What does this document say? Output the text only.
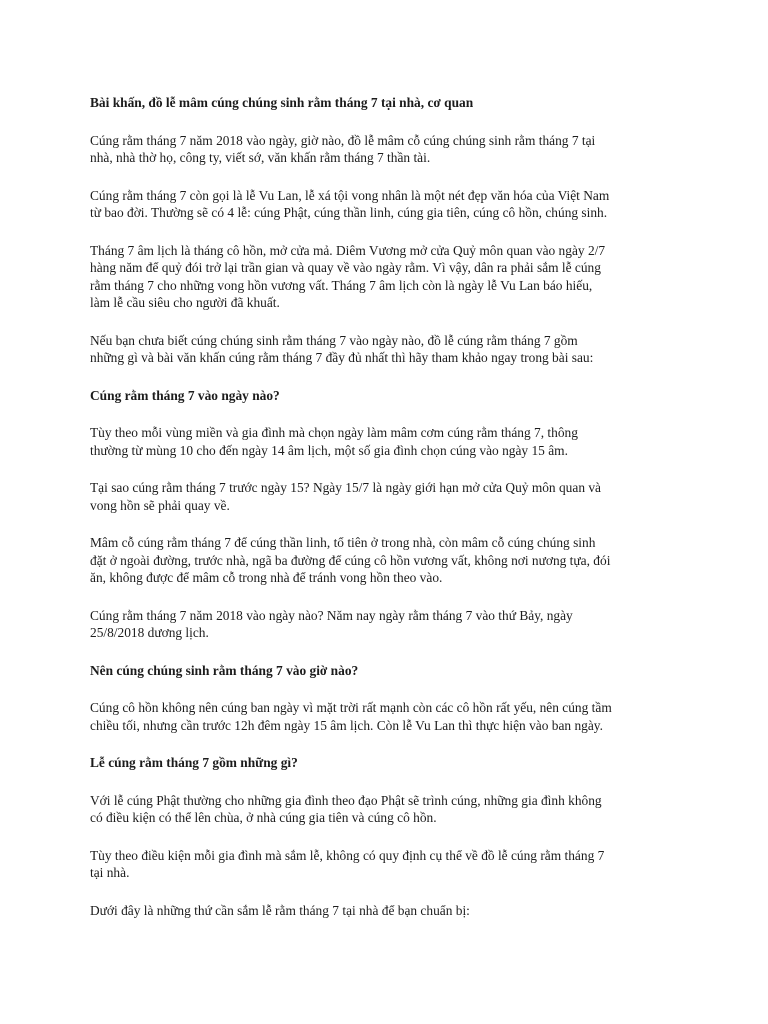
Bài khấn, đồ lễ mâm cúng chúng sinh rằm tháng 7 tại nhà, cơ quan
Cúng rằm tháng 7 năm 2018 vào ngày, giờ nào, đồ lễ mâm cỗ cúng chúng sinh rằm tháng 7 tại
nhà, nhà thờ họ, công ty, viết sớ, văn khấn rằm tháng 7 thần tài.
Cúng rằm tháng 7 còn gọi là lễ Vu Lan, lễ xá tội vong nhân là một nét đẹp văn hóa của Việt Nam
từ bao đời. Thường sẽ có 4 lễ: cúng Phật, cúng thần linh, cúng gia tiên, cúng cô hồn, chúng sinh.
Tháng 7 âm lịch là tháng cô hồn, mở cửa mả. Diêm Vương mở cửa Quỷ môn quan vào ngày 2/7
hàng năm để quỷ đói trở lại trần gian và quay về vào ngày rằm. Vì vậy, dân ra phải sắm lễ cúng
rằm tháng 7 cho những vong hồn vương vất. Tháng 7 âm lịch còn là ngày lễ Vu Lan báo hiếu,
làm lễ cầu siêu cho người đã khuất.
Nếu bạn chưa biết cúng chúng sinh rằm tháng 7 vào ngày nào, đồ lễ cúng rằm tháng 7 gồm
những gì và bài văn khấn cúng rằm tháng 7 đầy đủ nhất thì hãy tham khảo ngay trong bài sau:
Cúng rằm tháng 7 vào ngày nào?
Tùy theo mỗi vùng miền và gia đình mà chọn ngày làm mâm cơm cúng rằm tháng 7, thông
thường từ mùng 10 cho đến ngày 14 âm lịch, một số gia đình chọn cúng vào ngày 15 âm.
Tại sao cúng rằm tháng 7 trước ngày 15? Ngày 15/7 là ngày giới hạn mở cửa Quỷ môn quan và
vong hồn sẽ phải quay về.
Mâm cỗ cúng rằm tháng 7 để cúng thần linh, tổ tiên ở trong nhà, còn mâm cỗ cúng chúng sinh
đặt ở ngoài đường, trước nhà, ngã ba đường để cúng cô hồn vương vất, không nơi nương tựa, đói
ăn, không được để mâm cỗ trong nhà để tránh vong hồn theo vào.
Cúng rằm tháng 7 năm 2018 vào ngày nào? Năm nay ngày rằm tháng 7 vào thứ Bảy, ngày
25/8/2018 dương lịch.
Nên cúng chúng sinh rằm tháng 7 vào giờ nào?
Cúng cô hồn không nên cúng ban ngày vì mặt trời rất mạnh còn các cô hồn rất yếu, nên cúng tầm
chiều tối, nhưng cần trước 12h đêm ngày 15 âm lịch. Còn lễ Vu Lan thì thực hiện vào ban ngày.
Lễ cúng rằm tháng 7 gồm những gì?
Với lễ cúng Phật thường cho những gia đình theo đạo Phật sẽ trình cúng, những gia đình không
có điều kiện có thể lên chùa, ở nhà cúng gia tiên và cúng cô hồn.
Tùy theo điều kiện mỗi gia đình mà sắm lễ, không có quy định cụ thể về đồ lễ cúng rằm tháng 7
tại nhà.
Dưới đây là những thứ cần sắm lễ rằm tháng 7 tại nhà để bạn chuẩn bị:
